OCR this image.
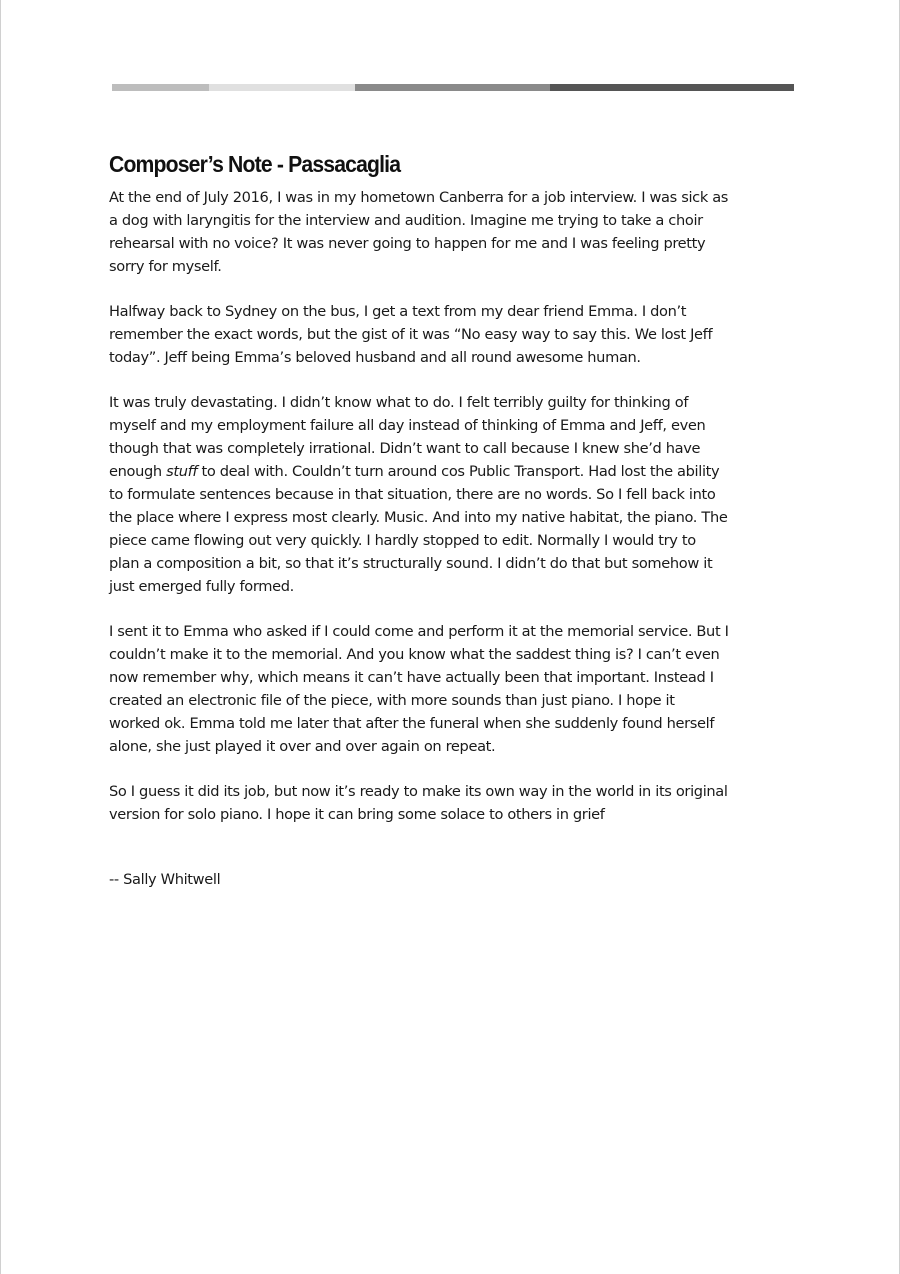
Composer’s Note - Passacaglia

At the end of July 2016, I was in my hometown Canberra for a job interview. I was sick as
a dog with laryngitis for the interview and audition. Imagine me trying to take a choir
rehearsal with no voice? It was never going to happen for me and I was feeling pretty
sorry for myself.

Halfway back to Sydney on the bus, I get a text from my dear friend Emma. I don’t
remember the exact words, but the gist of it was “No easy way to say this. We lost Jeff
today”. Jeff being Emma’s beloved husband and all round awesome human.

It was truly devastating. I didn’t know what to do. I felt terribly guilty for thinking of
myself and my employment failure all day instead of thinking of Emma and Jeff, even
though that was completely irrational. Didn’t want to call because I knew she’d have
enough stuff to deal with. Couldn’t turn around cos Public Transport. Had lost the ability
to formulate sentences because in that situation, there are no words. So I fell back into
the place where I express most clearly. Music. And into my native habitat, the piano. The
piece came flowing out very quickly. I hardly stopped to edit. Normally I would try to
plan a composition a bit, so that it’s structurally sound. I didn’t do that but somehow it
just emerged fully formed.

I sent it to Emma who asked if I could come and perform it at the memorial service. But I
couldn’t make it to the memorial. And you know what the saddest thing is? I can’t even
now remember why, which means it can’t have actually been that important. Instead I
created an electronic file of the piece, with more sounds than just piano. I hope it
worked ok. Emma told me later that after the funeral when she suddenly found herself
alone, she just played it over and over again on repeat.

So I guess it did its job, but now it’s ready to make its own way in the world in its original
version for solo piano. I hope it can bring some solace to others in grief

-- Sally Whitwell
